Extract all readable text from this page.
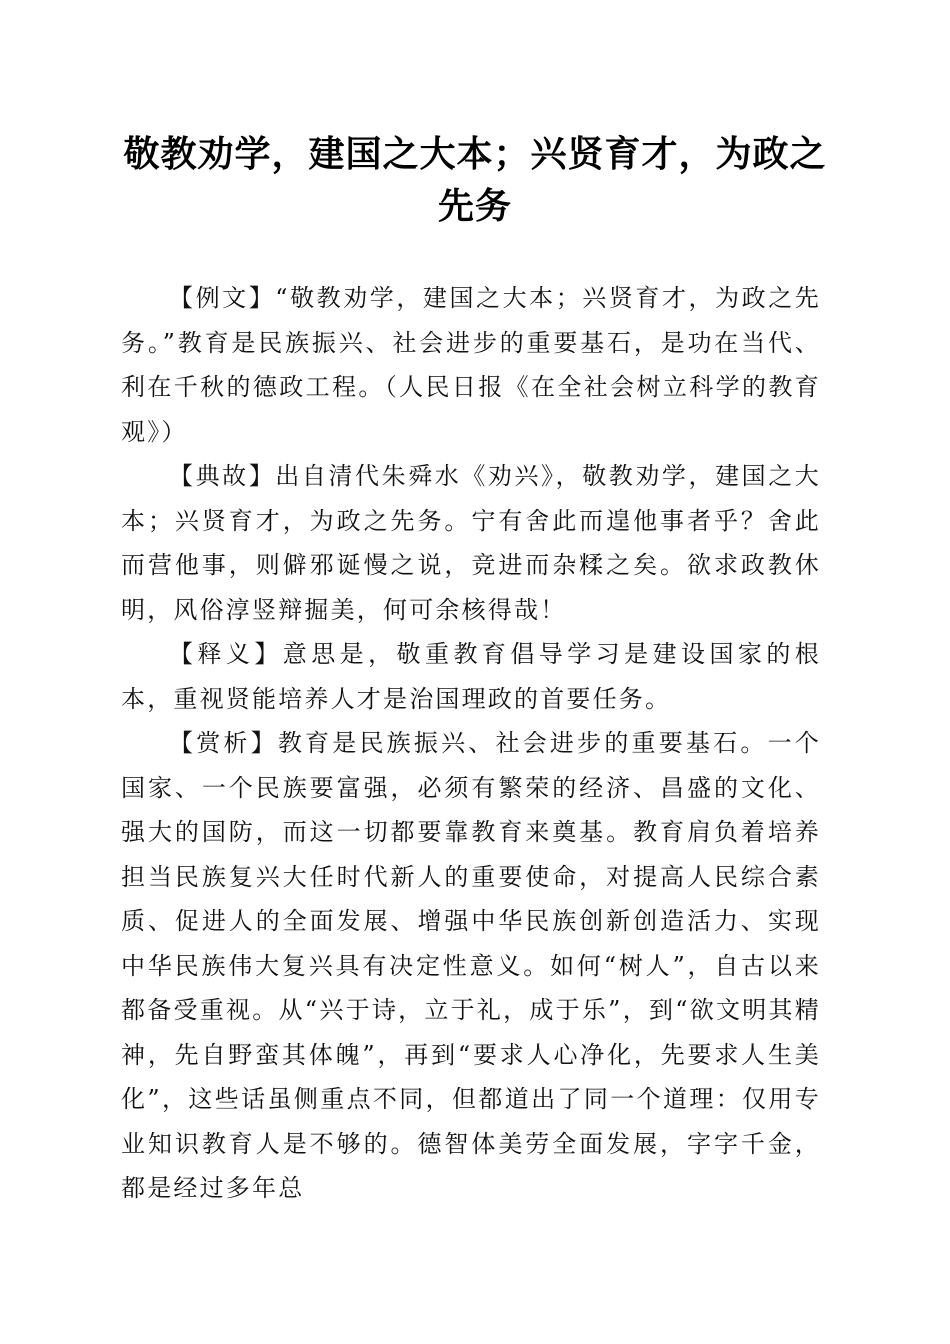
敬教劝学，建国之大本；兴贤育才，为政之先务

【例文】“敬教劝学，建国之大本；兴贤育才，为政之先务。”教育是民族振兴、社会进步的重要基石，是功在当代、利在千秋的德政工程。（人民日报《在全社会树立科学的教育观》）

【典故】出自清代朱舜水《劝兴》，敬教劝学，建国之大本；兴贤育才，为政之先务。宁有舍此而遑他事者乎？舍此而营他事，则僻邪诞慢之说，竞进而杂糅之矣。欲求政教休明，风俗淳竖辩掘美，何可余核得哉！

【释义】意思是，敬重教育倡导学习是建设国家的根本，重视贤能培养人才是治国理政的首要任务。

【赏析】教育是民族振兴、社会进步的重要基石。一个国家、一个民族要富强，必须有繁荣的经济、昌盛的文化、强大的国防，而这一切都要靠教育来奠基。教育肩负着培养担当民族复兴大任时代新人的重要使命，对提高人民综合素质、促进人的全面发展、增强中华民族创新创造活力、实现中华民族伟大复兴具有决定性意义。如何“树人”，自古以来都备受重视。从“兴于诗，立于礼，成于乐”，到“欲文明其精神，先自野蛮其体魄”，再到“要求人心净化，先要求人生美化”，这些话虽侧重点不同，但都道出了同一个道理：仅用专业知识教育人是不够的。德智体美劳全面发展，字字千金，都是经过多年总
